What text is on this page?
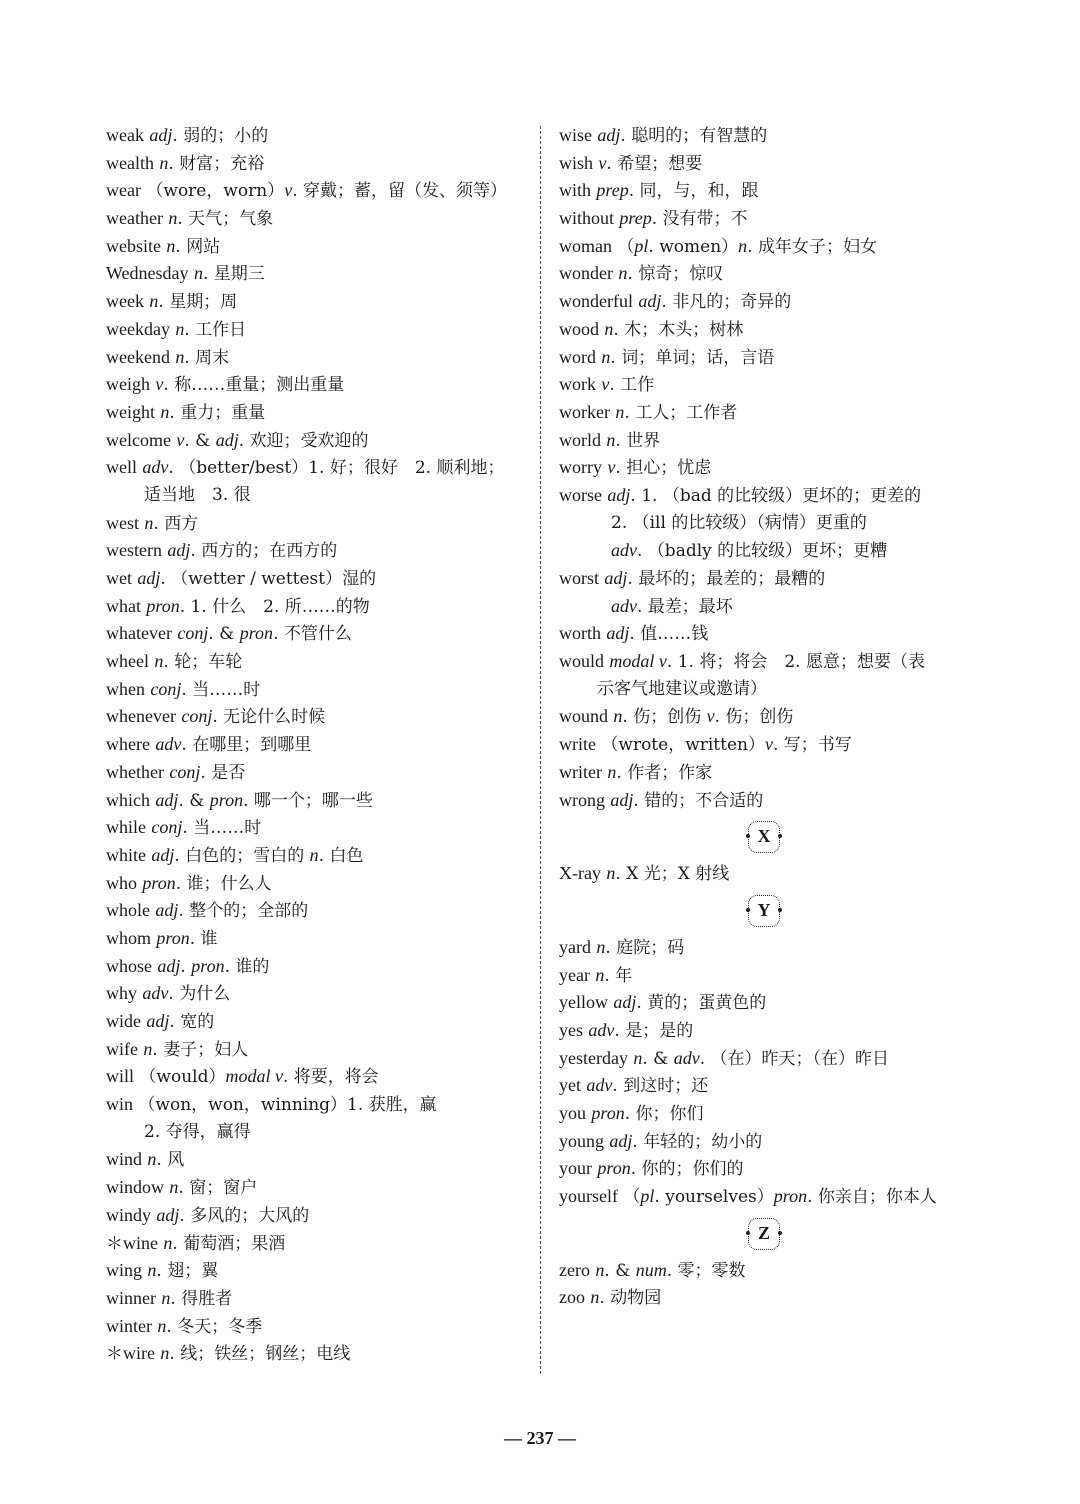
weak adj. 弱的；小的
wealth n. 财富；充裕
wear （wore，worn）v. 穿戴；蓄，留（发、须等）
weather n. 天气；气象
website n. 网站
Wednesday n. 星期三
week n. 星期；周
weekday n. 工作日
weekend n. 周末
weigh v. 称……重量；测出重量
weight n. 重力；重量
welcome v. & adj. 欢迎；受欢迎的
well adv. （better/best）1. 好；很好　2. 顺利地；
适当地　3. 很
west n. 西方
western adj. 西方的；在西方的
wet adj. （wetter / wettest）湿的
what pron. 1. 什么　2. 所……的物
whatever conj. & pron. 不管什么
wheel n. 轮；车轮
when conj. 当……时
whenever conj. 无论什么时候
where adv. 在哪里；到哪里
whether conj. 是否
which adj. & pron. 哪一个；哪一些
while conj. 当……时
white adj. 白色的；雪白的 n. 白色
who pron. 谁；什么人
whole adj. 整个的；全部的
whom pron. 谁
whose adj. pron. 谁的
why adv. 为什么
wide adj. 宽的
wife n. 妻子；妇人
will （would）modal v. 将要，将会
win （won，won，winning）1. 获胜，赢
2. 夺得，赢得
wind n. 风
window n. 窗；窗户
windy adj. 多风的；大风的
＊wine n. 葡萄酒；果酒
wing n. 翅；翼
winner n. 得胜者
winter n. 冬天；冬季
＊wire n. 线；铁丝；钢丝；电线
wise adj. 聪明的；有智慧的
wish v. 希望；想要
with prep. 同，与，和，跟
without prep. 没有带；不
woman （pl. women）n. 成年女子；妇女
wonder n. 惊奇；惊叹
wonderful adj. 非凡的；奇异的
wood n. 木；木头；树林
word n. 词；单词；话，言语
work v. 工作
worker n. 工人；工作者
world n. 世界
worry v. 担心；忧虑
worse adj. 1. （bad 的比较级）更坏的；更差的
2. （ill 的比较级）（病情）更重的
adv. （badly 的比较级）更坏；更糟
worst adj. 最坏的；最差的；最糟的
adv. 最差；最坏
worth adj. 值……钱
would modal v. 1. 将；将会　2. 愿意；想要（表
示客气地建议或邀请）
wound n. 伤；创伤 v. 伤；创伤
write （wrote，written）v. 写；书写
writer n. 作者；作家
wrong adj. 错的；不合适的
X
X-ray n. X 光；X 射线
Y
yard n. 庭院；码
year n. 年
yellow adj. 黄的；蛋黄色的
yes adv. 是；是的
yesterday n. & adv. （在）昨天；（在）昨日
yet adv. 到这时；还
you pron. 你；你们
young adj. 年轻的；幼小的
your pron. 你的；你们的
yourself （pl. yourselves）pron. 你亲自；你本人
Z
zero n. & num. 零；零数
zoo n. 动物园
— 237 —
